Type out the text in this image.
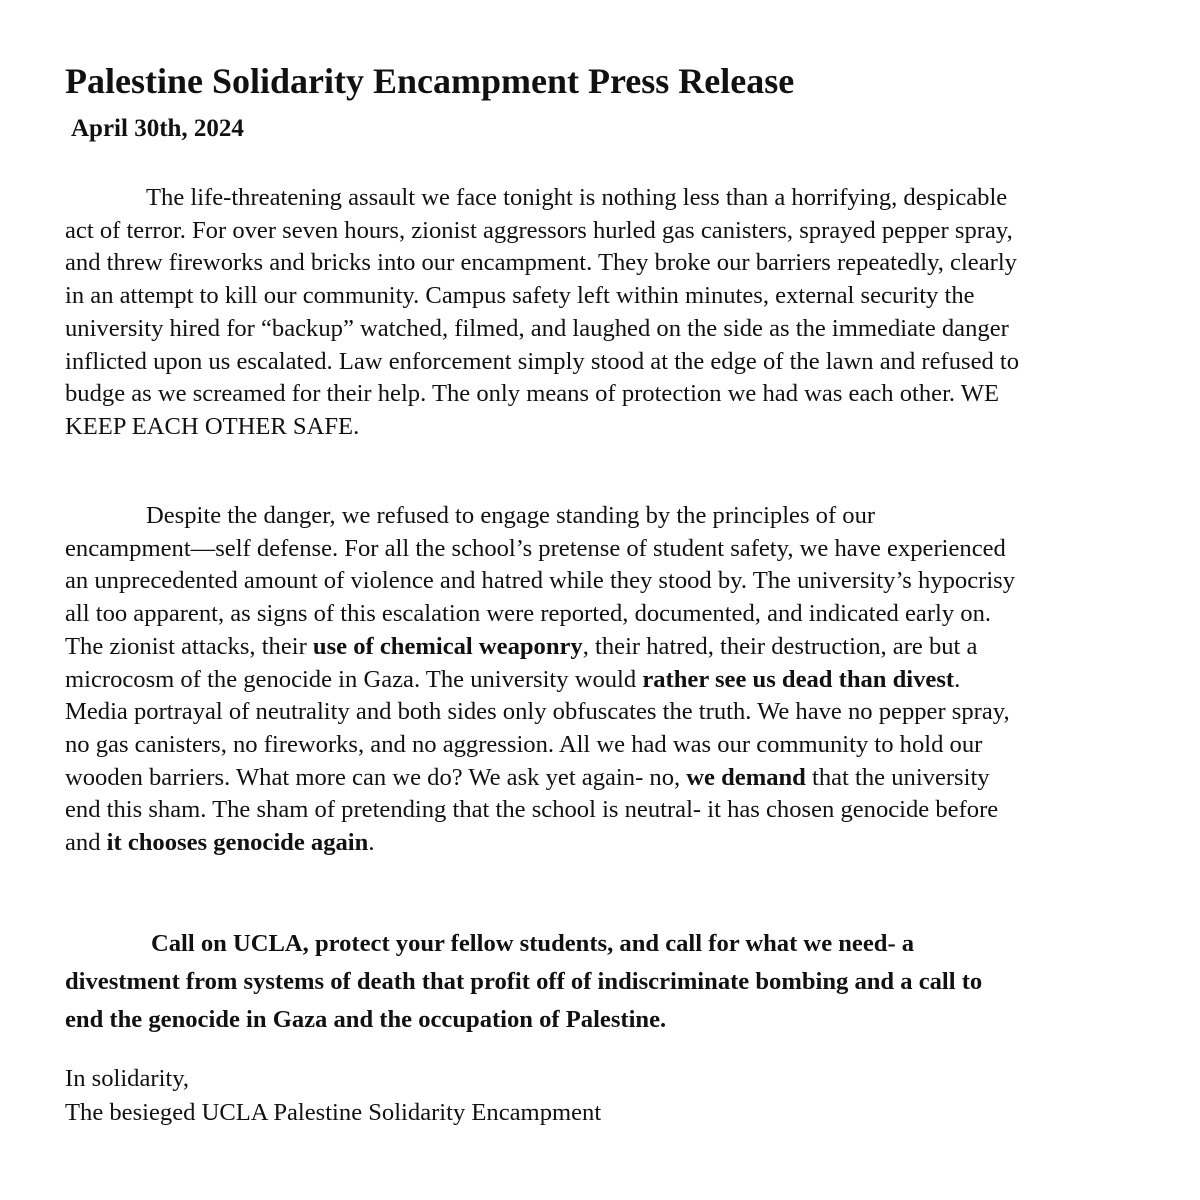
Palestine Solidarity Encampment Press Release
April 30th, 2024

The life-threatening assault we face tonight is nothing less than a horrifying, despicable
act of terror. For over seven hours, zionist aggressors hurled gas canisters, sprayed pepper spray,
and threw fireworks and bricks into our encampment. They broke our barriers repeatedly, clearly
in an attempt to kill our community. Campus safety left within minutes, external security the
university hired for “backup” watched, filmed, and laughed on the side as the immediate danger
inflicted upon us escalated. Law enforcement simply stood at the edge of the lawn and refused to
budge as we screamed for their help. The only means of protection we had was each other. WE
KEEP EACH OTHER SAFE.

Despite the danger, we refused to engage standing by the principles of our
encampment—self defense. For all the school’s pretense of student safety, we have experienced
an unprecedented amount of violence and hatred while they stood by. The university’s hypocrisy
all too apparent, as signs of this escalation were reported, documented, and indicated early on.
The zionist attacks, their use of chemical weaponry, their hatred, their destruction, are but a
microcosm of the genocide in Gaza. The university would rather see us dead than divest.
Media portrayal of neutrality and both sides only obfuscates the truth. We have no pepper spray,
no gas canisters, no fireworks, and no aggression. All we had was our community to hold our
wooden barriers. What more can we do? We ask yet again- no, we demand that the university
end this sham. The sham of pretending that the school is neutral- it has chosen genocide before
and it chooses genocide again.

Call on UCLA, protect your fellow students, and call for what we need- a
divestment from systems of death that profit off of indiscriminate bombing and a call to
end the genocide in Gaza and the occupation of Palestine.

In solidarity,
The besieged UCLA Palestine Solidarity Encampment
